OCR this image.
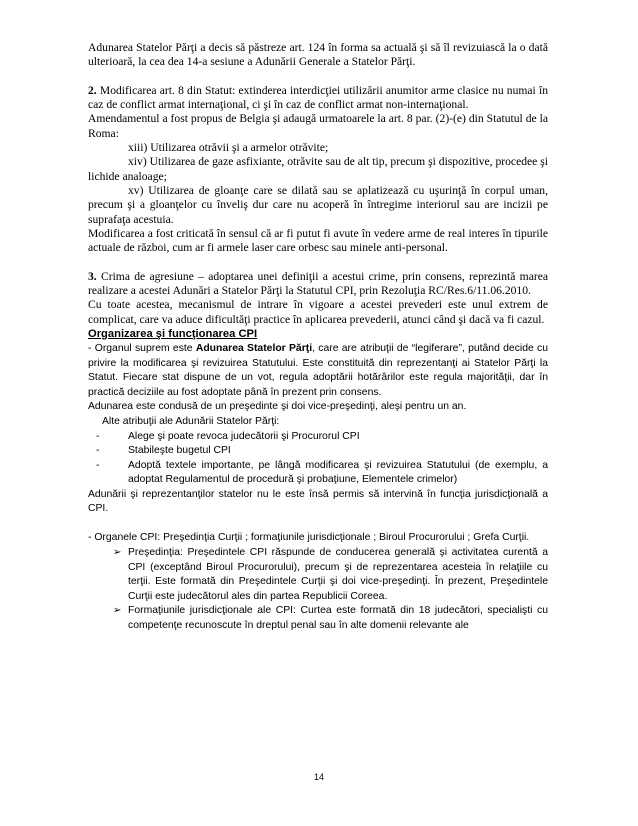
Adunarea Statelor Părţi a decis să păstreze art. 124 în forma sa actuală şi să îl revizuiască la o dată ulterioară, la cea dea 14-a sesiune a Adunării Generale a Statelor Părţi.

2. Modificarea art. 8 din Statut: extinderea interdicţiei utilizării anumitor arme clasice nu numai în caz de conflict armat internaţional, ci şi în caz de conflict armat non-internaţional.

Amendamentul a fost propus de Belgia şi adaugă urmatoarele la art. 8 par. (2)-(e) din Statutul de la Roma:

xiii) Utilizarea otrăvii şi a armelor otrăvite;

xiv) Utilizarea de gaze asfixiante, otrăvite sau de alt tip, precum şi dispozitive, procedee şi lichide analoage;

xv) Utilizarea de gloanţe care se dilată sau se aplatizează cu uşurinţă în corpul uman, precum şi a gloanţelor cu înveliş dur care nu acoperă în întregime interiorul sau are incizii pe suprafaţa acestuia.

Modificarea a fost criticată în sensul că ar fi putut fi avute în vedere arme de real interes în tipurile actuale de război, cum ar fi armele laser care orbesc sau minele anti-personal.

3. Crima de agresiune – adoptarea unei definiţii a acestui crime, prin consens, reprezintă marea realizare a acestei Adunări a Statelor Părţi la Statutul CPI, prin Rezoluţia RC/Res.6/11.06.2010.

Cu toate acestea, mecanismul de intrare în vigoare a acestei prevederi este unul extrem de complicat, care va aduce dificultăţi practice în aplicarea prevederii, atunci când şi dacă va fi cazul.

Organizarea şi funcţionarea CPI

- Organul suprem este Adunarea Statelor Părţi, care are atribuţii de “legiferare”, putând decide cu privire la modificarea şi revizuirea Statutului. Este constituită din reprezentanţi ai Statelor Părţi la Statut. Fiecare stat dispune de un vot, regula adoptării hotărârilor este regula majorităţii, dar în practică deciziile au fost adoptate până în prezent prin consens.

Adunarea este condusă de un preşedinte şi doi vice-preşedinţi, aleşi pentru un an.

Alte atribuţii ale Adunării Statelor Părţi:

-	Alege şi poate revoca judecătorii şi Procurorul CPI
-	Stabileşte bugetul CPI
-	Adoptă textele importante, pe lângă modificarea şi revizuirea Statutului (de exemplu, a adoptat Regulamentul de procedură şi probaţiune, Elementele crimelor)

Adunării şi reprezentanţilor statelor nu le este însă permis să intervină în funcţia jurisdicţională a CPI.

- Organele CPI: Preşedinţia Curţii ; formaţiunile jurisdicţionale ; Biroul Procurorului ; Grefa Curţii.

➢ Preşedinţia: Preşedintele CPI răspunde de conducerea generală şi activitatea curentă a CPI (exceptând Biroul Procurorului), precum şi de reprezentarea acesteia în relaţiile cu terţii. Este formată din Preşedintele Curţii şi doi vice-preşedinţi. În prezent, Preşedintele Curţii este judecătorul ales din partea Republicii Coreea.
➢ Formaţiunile jurisdicţionale ale CPI: Curtea este formată din 18 judecători, specialişti cu competenţe recunoscute în dreptul penal sau în alte domenii relevante ale
14
